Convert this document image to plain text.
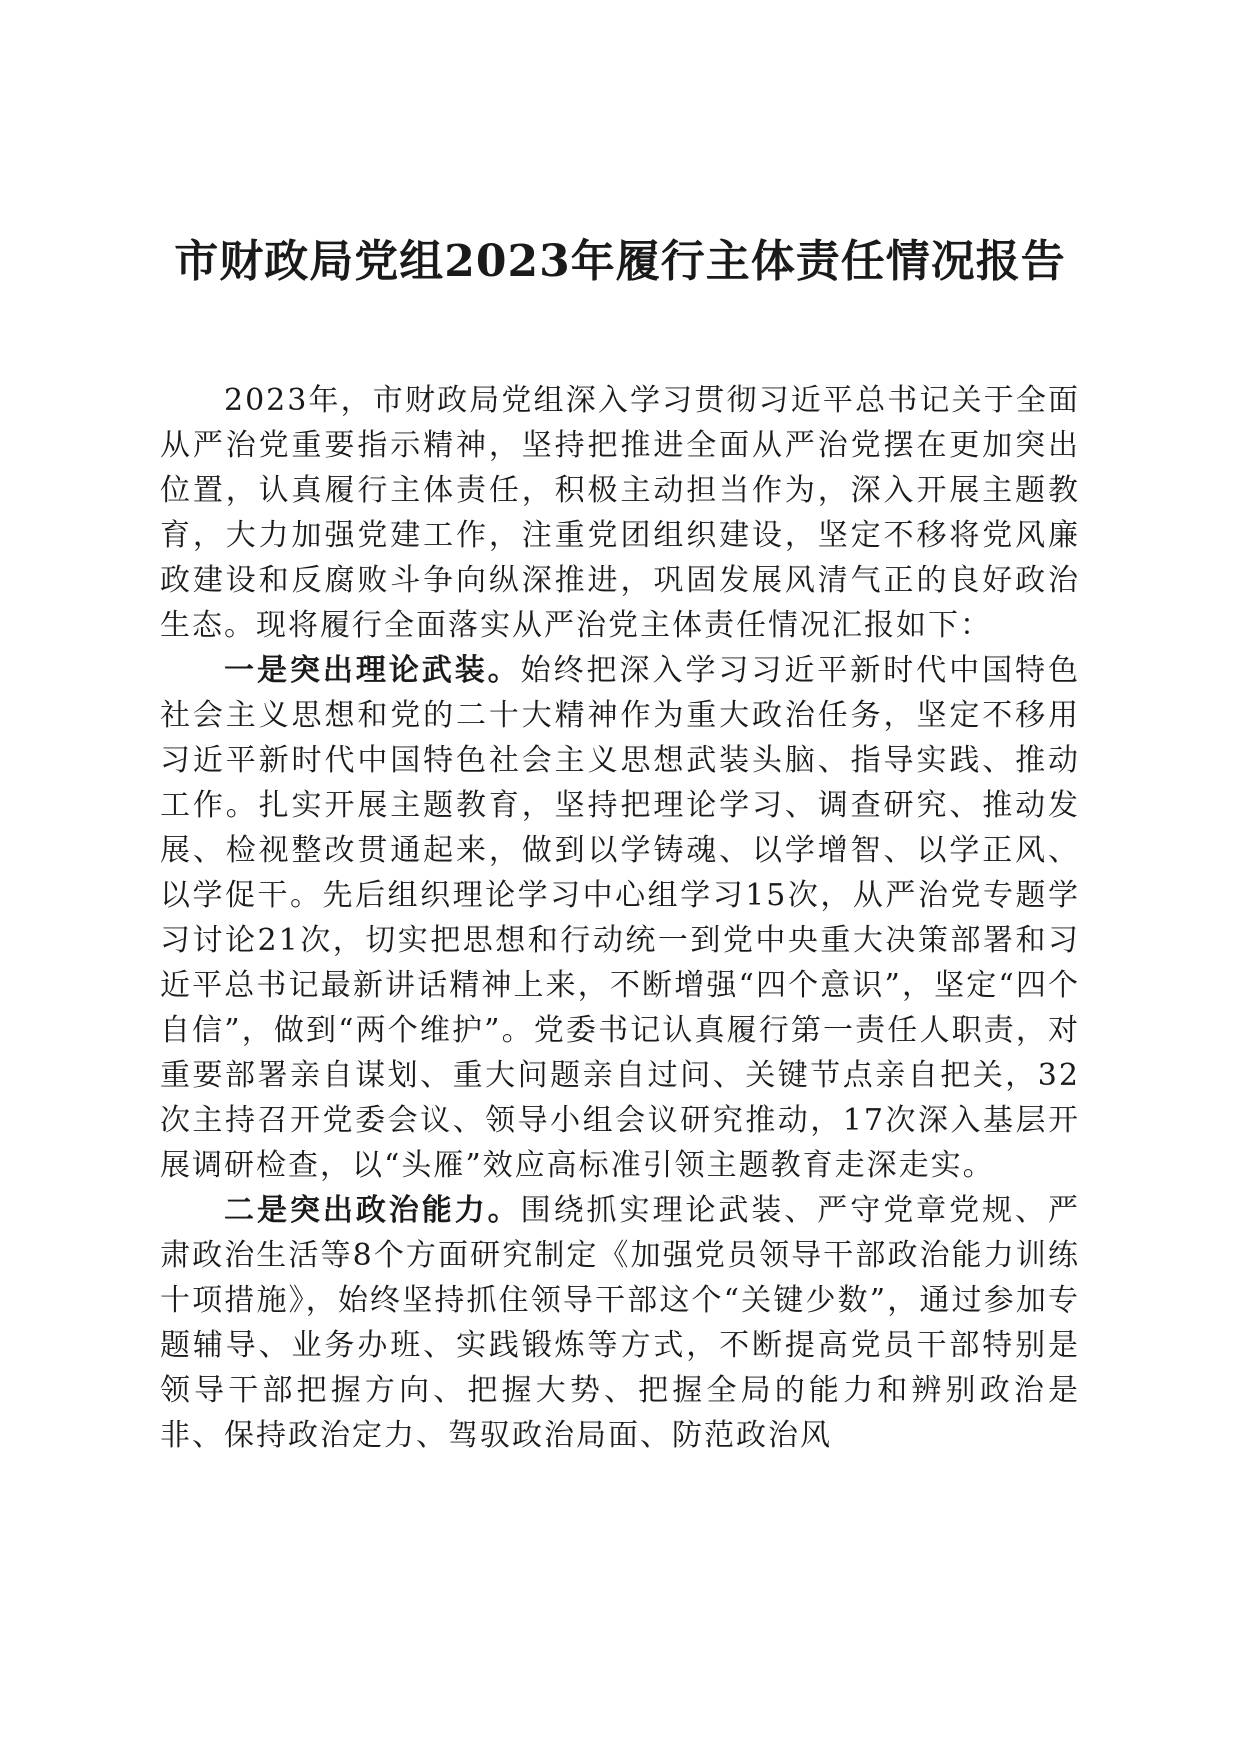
市财政局党组2023年履行主体责任情况报告

2023年，市财政局党组深入学习贯彻习近平总书记关于全面从严治党重要指示精神，坚持把推进全面从严治党摆在更加突出位置，认真履行主体责任，积极主动担当作为，深入开展主题教育，大力加强党建工作，注重党团组织建设，坚定不移将党风廉政建设和反腐败斗争向纵深推进，巩固发展风清气正的良好政治生态。现将履行全面落实从严治党主体责任情况汇报如下：

一是突出理论武装。始终把深入学习习近平新时代中国特色社会主义思想和党的二十大精神作为重大政治任务，坚定不移用习近平新时代中国特色社会主义思想武装头脑、指导实践、推动工作。扎实开展主题教育，坚持把理论学习、调查研究、推动发展、检视整改贯通起来，做到以学铸魂、以学增智、以学正风、以学促干。先后组织理论学习中心组学习15次，从严治党专题学习讨论21次，切实把思想和行动统一到党中央重大决策部署和习近平总书记最新讲话精神上来，不断增强“四个意识”，坚定“四个自信”，做到“两个维护”。党委书记认真履行第一责任人职责，对重要部署亲自谋划、重大问题亲自过问、关键节点亲自把关，32次主持召开党委会议、领导小组会议研究推动，17次深入基层开展调研检查，以“头雁”效应高标准引领主题教育走深走实。

二是突出政治能力。围绕抓实理论武装、严守党章党规、严肃政治生活等8个方面研究制定《加强党员领导干部政治能力训练十项措施》，始终坚持抓住领导干部这个“关键少数”，通过参加专题辅导、业务办班、实践锻炼等方式，不断提高党员干部特别是领导干部把握方向、把握大势、把握全局的能力和辨别政治是非、保持政治定力、驾驭政治局面、防范政治风
